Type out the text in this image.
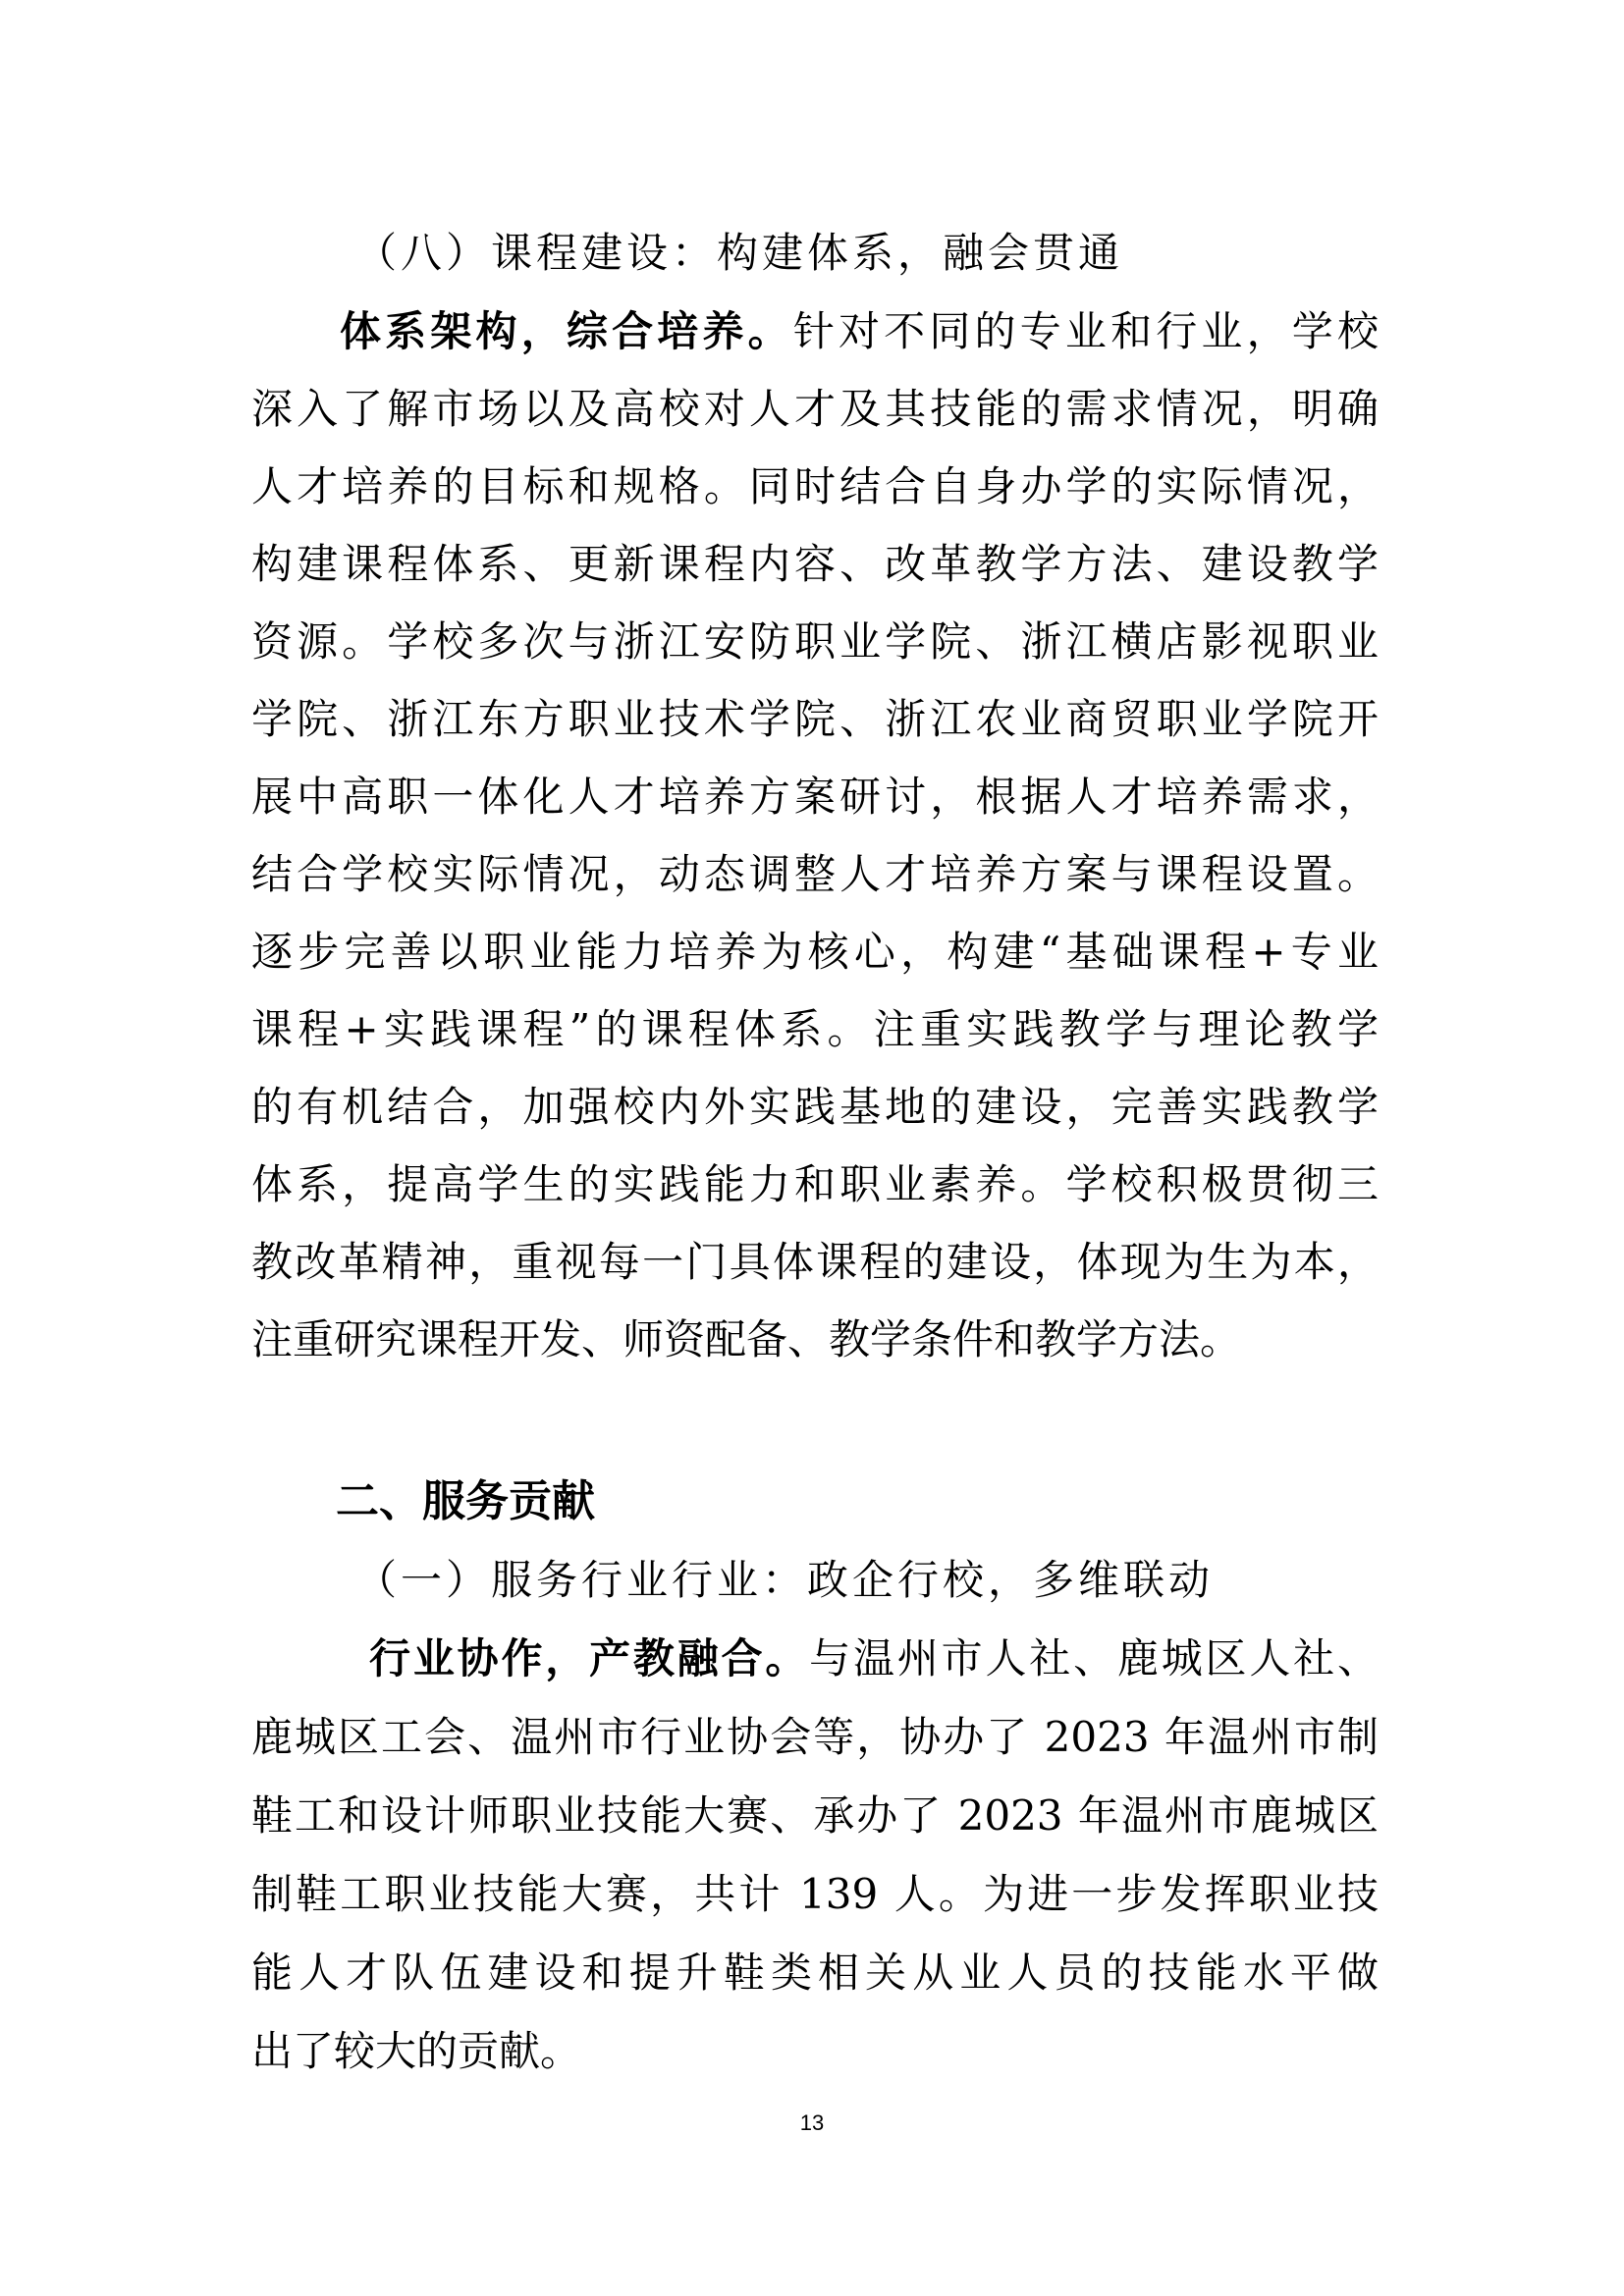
（八）课程建设：构建体系，融会贯通
体系架构，综合培养。针对不同的专业和行业，学校
深入了解市场以及高校对人才及其技能的需求情况，明确
人才培养的目标和规格。同时结合自身办学的实际情况，
构建课程体系、更新课程内容、改革教学方法、建设教学
资源。学校多次与浙江安防职业学院、浙江横店影视职业
学院、浙江东方职业技术学院、浙江农业商贸职业学院开
展中高职一体化人才培养方案研讨，根据人才培养需求，
结合学校实际情况，动态调整人才培养方案与课程设置。
逐步完善以职业能力培养为核心，构建“基础课程+专业
课程+实践课程”的课程体系。注重实践教学与理论教学
的有机结合，加强校内外实践基地的建设，完善实践教学
体系，提高学生的实践能力和职业素养。学校积极贯彻三
教改革精神，重视每一门具体课程的建设，体现为生为本，
注重研究课程开发、师资配备、教学条件和教学方法。
二、服务贡献
（一）服务行业行业：政企行校，多维联动
行业协作，产教融合。与温州市人社、鹿城区人社、
鹿城区工会、温州市行业协会等，协办了 2023 年温州市制
鞋工和设计师职业技能大赛、承办了 2023 年温州市鹿城区
制鞋工职业技能大赛，共计 139 人。为进一步发挥职业技
能人才队伍建设和提升鞋类相关从业人员的技能水平做
出了较大的贡献。
13
